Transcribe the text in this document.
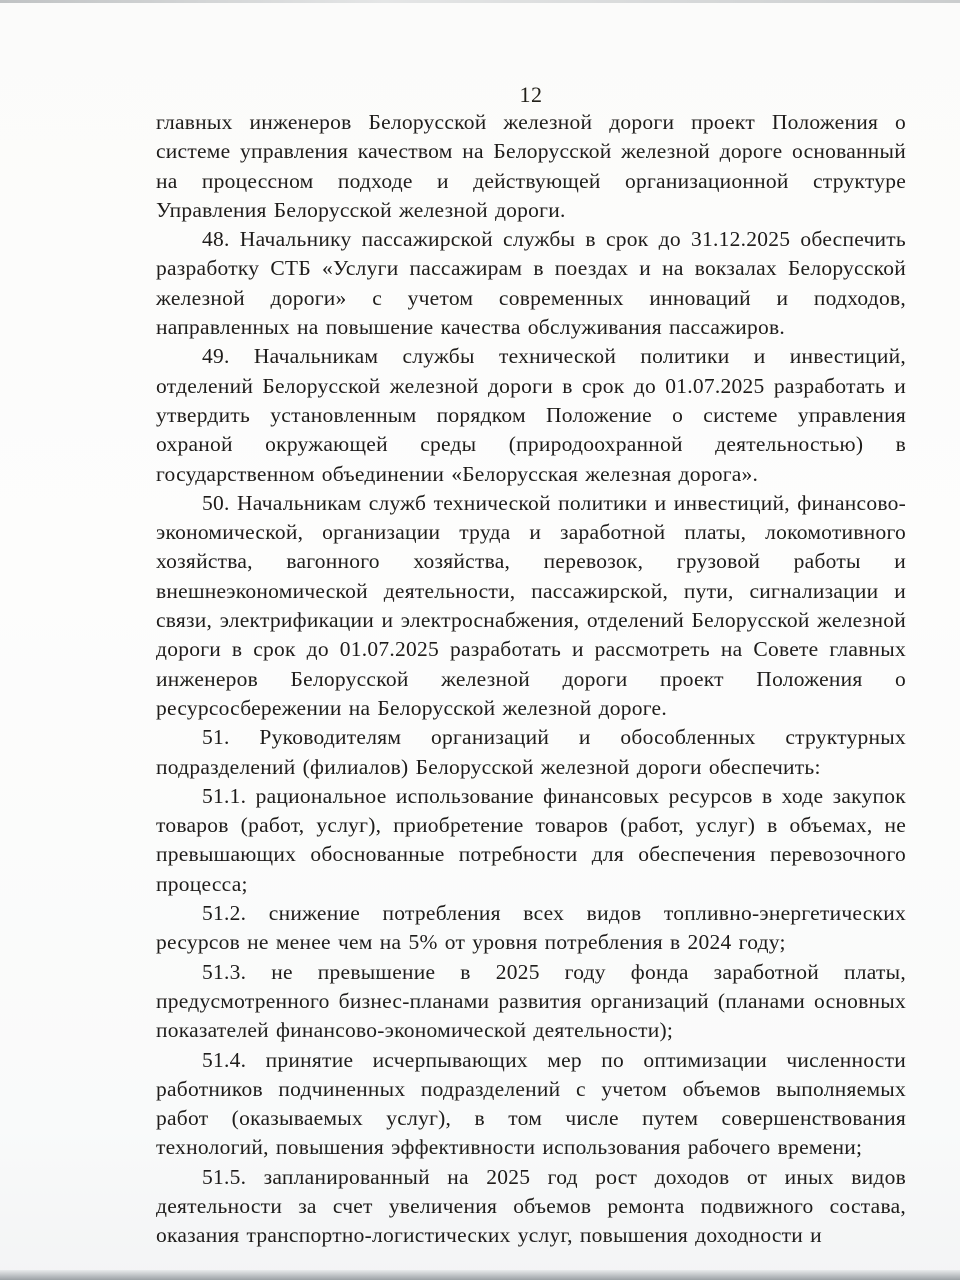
12

главных инженеров Белорусской железной дороги проект Положения о системе управления качеством на Белорусской железной дороге основанный на процессном подходе и действующей организационной структуре Управления Белорусской железной дороги.

48. Начальнику пассажирской службы в срок до 31.12.2025 обеспечить разработку СТБ «Услуги пассажирам в поездах и на вокзалах Белорусской железной дороги» с учетом современных инноваций и подходов, направленных на повышение качества обслуживания пассажиров.

49. Начальникам службы технической политики и инвестиций, отделений Белорусской железной дороги в срок до 01.07.2025 разработать и утвердить установленным порядком Положение о системе управления охраной окружающей среды (природоохранной деятельностью) в государственном объединении «Белорусская железная дорога».

50. Начальникам служб технической политики и инвестиций, финансово-экономической, организации труда и заработной платы, локомотивного хозяйства, вагонного хозяйства, перевозок, грузовой работы и внешнеэкономической деятельности, пассажирской, пути, сигнализации и связи, электрификации и электроснабжения, отделений Белорусской железной дороги в срок до 01.07.2025 разработать и рассмотреть на Совете главных инженеров Белорусской железной дороги проект Положения о ресурсосбережении на Белорусской железной дороге.

51. Руководителям организаций и обособленных структурных подразделений (филиалов) Белорусской железной дороги обеспечить:

51.1. рациональное использование финансовых ресурсов в ходе закупок товаров (работ, услуг), приобретение товаров (работ, услуг) в объемах, не превышающих обоснованные потребности для обеспечения перевозочного процесса;

51.2. снижение потребления всех видов топливно-энергетических ресурсов не менее чем на 5% от уровня потребления в 2024 году;

51.3. не превышение в 2025 году фонда заработной платы, предусмотренного бизнес-планами развития организаций (планами основных показателей финансово-экономической деятельности);

51.4. принятие исчерпывающих мер по оптимизации численности работников подчиненных подразделений с учетом объемов выполняемых работ (оказываемых услуг), в том числе путем совершенствования технологий, повышения эффективности использования рабочего времени;

51.5. запланированный на 2025 год рост доходов от иных видов деятельности за счет увеличения объемов ремонта подвижного состава, оказания транспортно-логистических услуг, повышения доходности и
